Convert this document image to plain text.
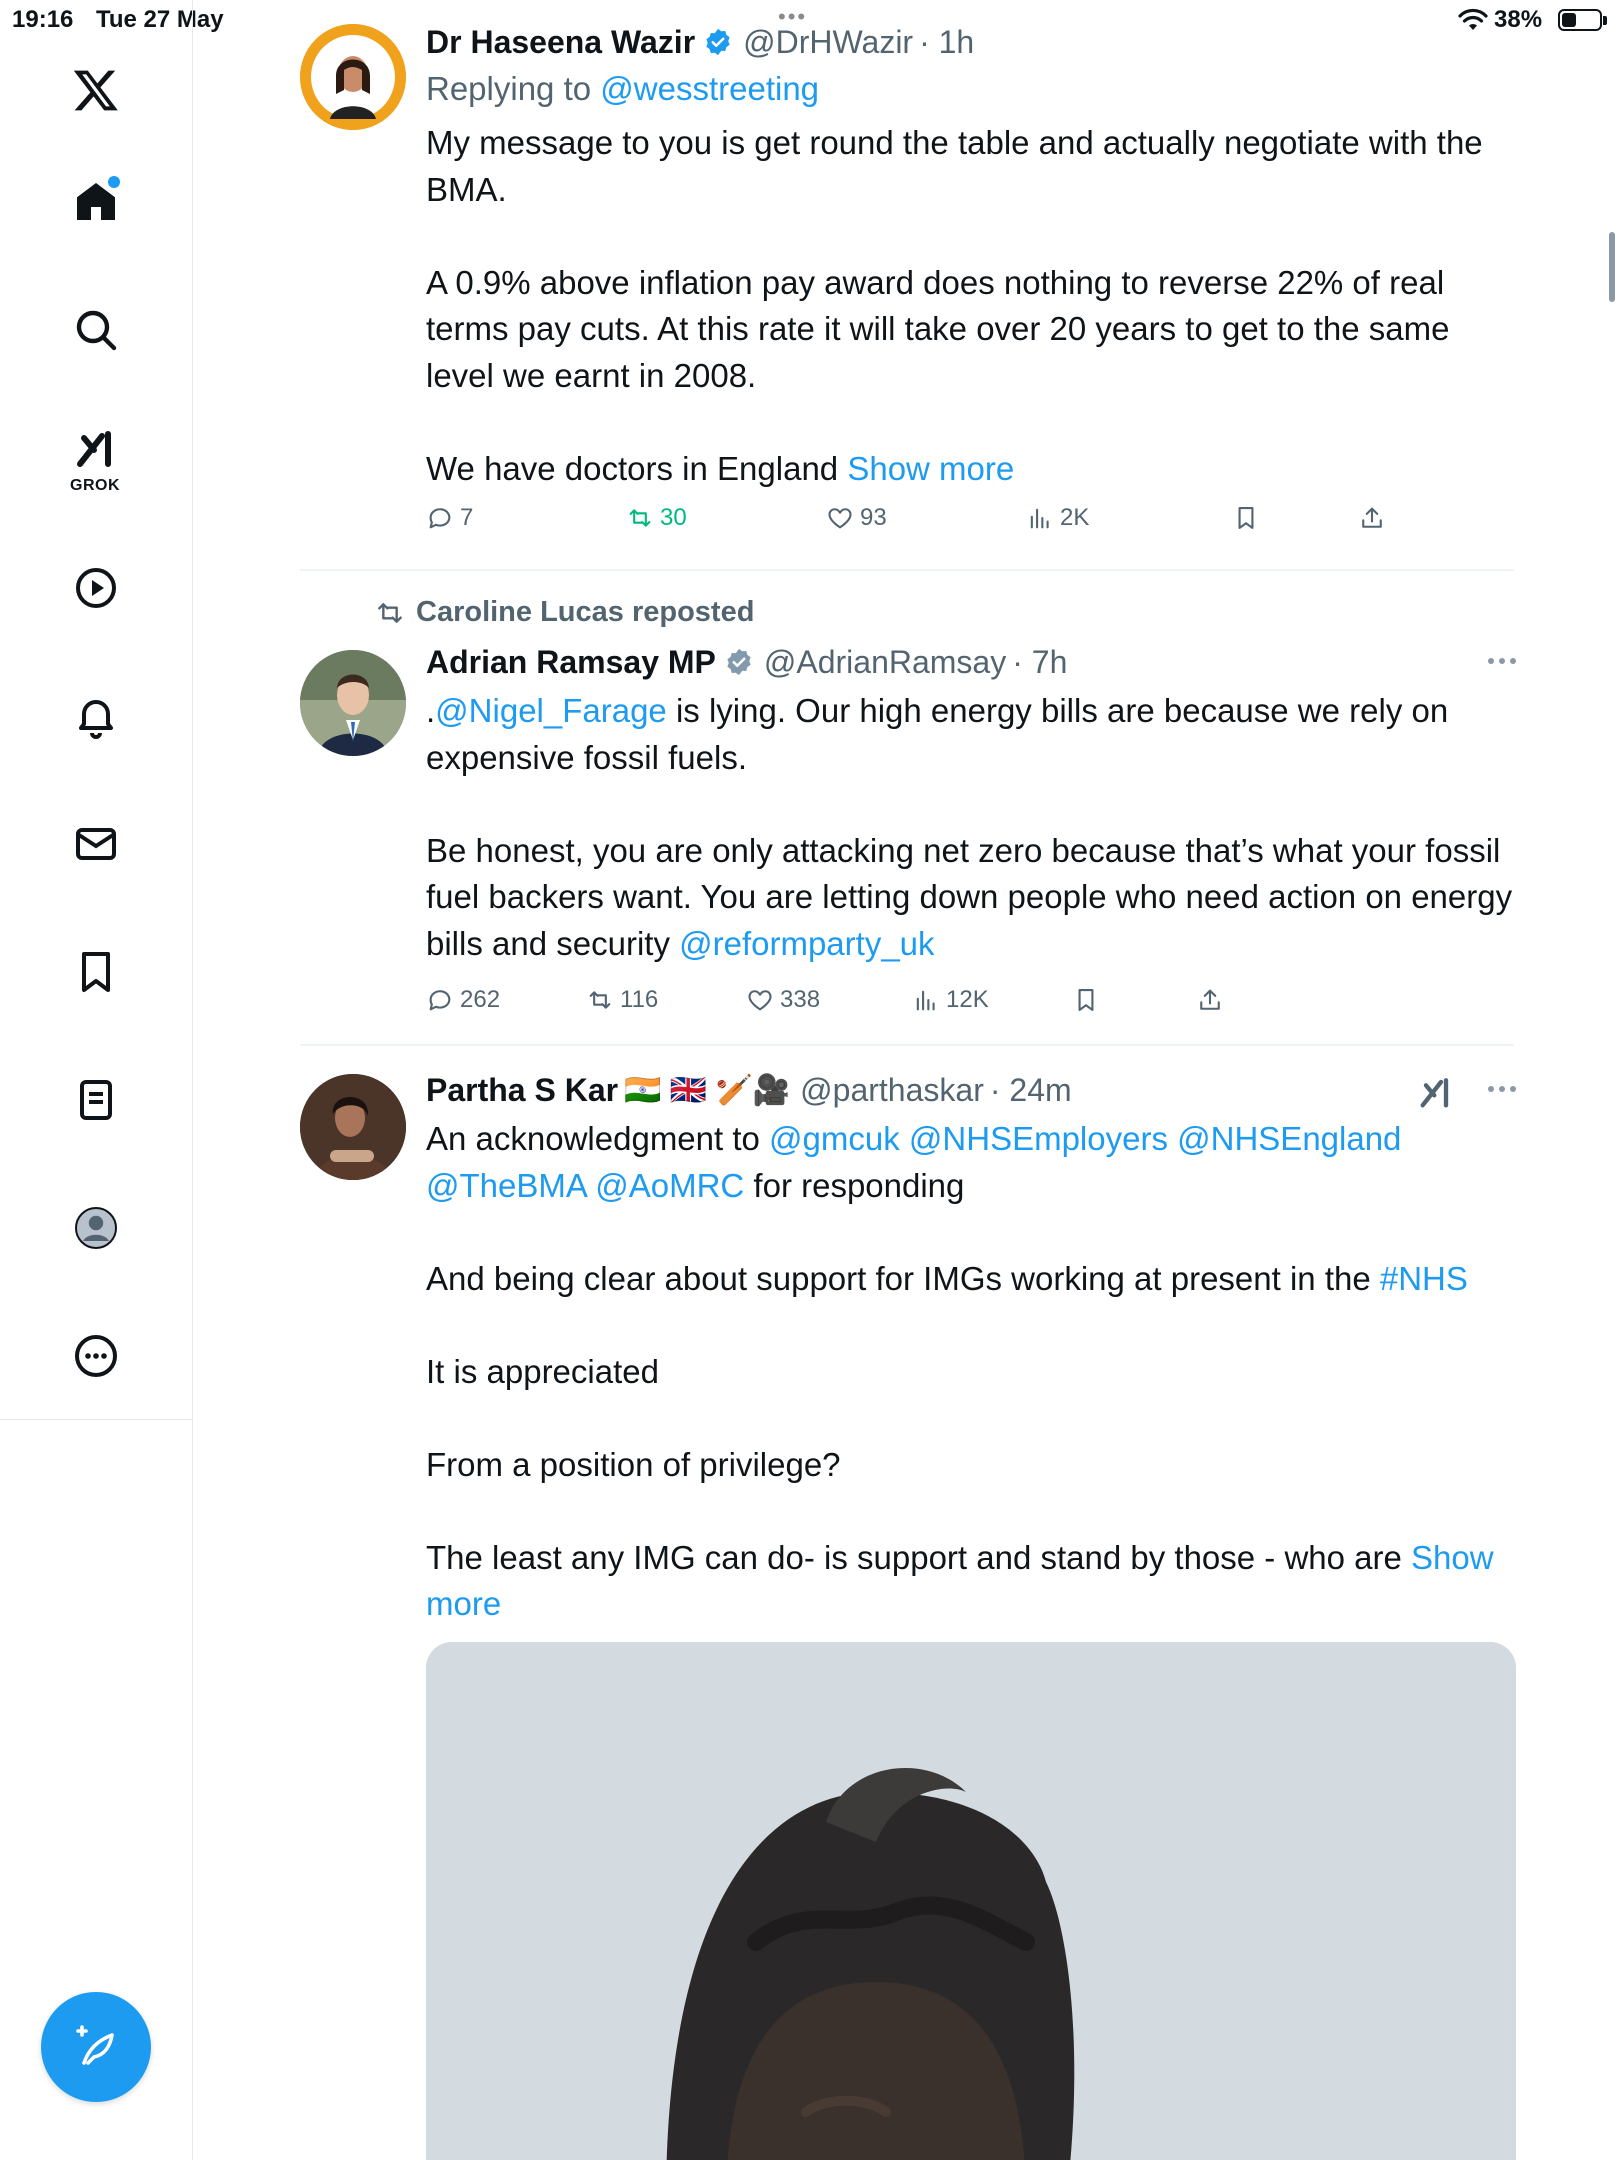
19:16 Tue 27 May	•••	38%
GROK
Dr Haseena Wazir @DrHWazir · 1h
Replying to @wesstreeting
My message to you is get round the table and actually negotiate with the BMA.

A 0.9% above inflation pay award does nothing to reverse 22% of real terms pay cuts. At this rate it will take over 20 years to get to the same level we earnt in 2008.

We have doctors in England Show more
7	30	93	2K
Caroline Lucas reposted
Adrian Ramsay MP @AdrianRamsay · 7h
.@Nigel_Farage is lying. Our high energy bills are because we rely on expensive fossil fuels.

Be honest, you are only attacking net zero because that’s what your fossil fuel backers want. You are letting down people who need action on energy bills and security @reformparty_uk
262	116	338	12K
Partha S Kar 🇮🇳 🇬🇧 🏏🎥 @parthaskar · 24m
An acknowledgment to @gmcuk @NHSEmployers @NHSEngland @TheBMA @AoMRC for responding

And being clear about support for IMGs working at present in the #NHS

It is appreciated

From a position of privilege?

The least any IMG can do- is support and stand by those - who are Show more
